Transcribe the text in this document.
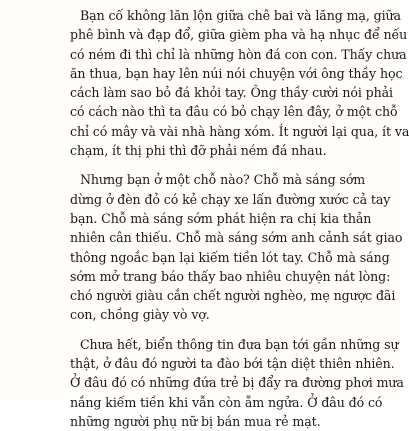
Bạn cố không lăn lộn giữa chê bai và lăng mạ, giữa
phê bình và đạp đổ, giữa gièm pha và hạ nhục để nếu
có ném đi thì chỉ là những hòn đá con con. Thấy chưa
ăn thua, bạn hay lên núi nói chuyện với ông thầy học
cách làm sao bỏ đá khỏi tay. Ông thầy cười nói phải
có cách nào thì ta đâu có bỏ chạy lên đây, ở một chỗ
chỉ có mây và vài nhà hàng xóm. Ít người lại qua, ít va
chạm, ít thị phi thì đỡ phải ném đá nhau.
Nhưng bạn ở một chỗ nào? Chỗ mà sáng sớm
dừng ở đèn đỏ có kẻ chạy xe lấn đường xước cả tay
bạn. Chỗ mà sáng sớm phát hiện ra chị kia thản
nhiên cân thiếu. Chỗ mà sáng sớm anh cảnh sát giao
thông ngoắc bạn lại kiếm tiền lót tay. Chỗ mà sáng
sớm mở trang báo thấy bao nhiêu chuyện nát lòng:
chó người giàu cắn chết người nghèo, mẹ ngược đãi
con, chồng giày vò vợ.
Chưa hết, biển thông tin đưa bạn tới gần những sự
thật, ở đâu đó người ta đào bới tận diệt thiên nhiên.
Ở đâu đó có những đứa trẻ bị đẩy ra đường phơi mưa
nắng kiếm tiền khi vẫn còn ẵm ngửa. Ở đâu đó có
những người phụ nữ bị bán mua rẻ mạt.
